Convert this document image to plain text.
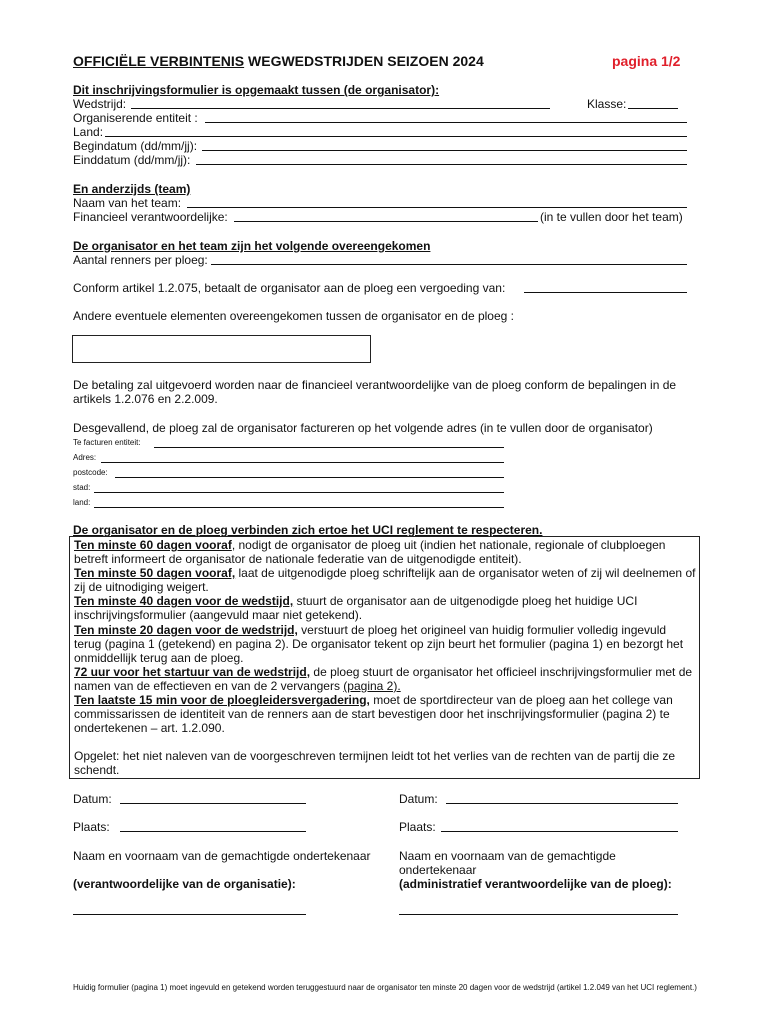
OFFICIËLE VERBINTENIS WEGWEDSTRIJDEN SEIZOEN 2024	pagina 1/2
Dit inschrijvingsformulier is opgemaakt tussen (de organisator):
Wedstrijd:	Klasse:
Organiserende entiteit :
Land:
Begindatum (dd/mm/jj):
Einddatum (dd/mm/jj):
En anderzijds (team)
Naam van het team:
Financieel verantwoordelijke:	(in te vullen door het team)
De organisator en het team zijn het volgende overeengekomen
Aantal renners per ploeg:
Conform artikel 1.2.075, betaalt de organisator aan de ploeg een vergoeding van:
Andere eventuele elementen overeengekomen tussen de organisator en de ploeg :
De betaling zal uitgevoerd worden naar de financieel verantwoordelijke van de ploeg conform de bepalingen in de artikels 1.2.076 en 2.2.009.
Desgevallend, de ploeg zal de organisator factureren op het volgende adres (in te vullen door de organisator)
Te facturen entiteit:
Adres:
postcode:
stad:
land:
De organisator en de ploeg verbinden zich ertoe het UCI reglement te respecteren.
Ten minste 60 dagen vooraf, nodigt de organisator de ploeg uit (indien het nationale, regionale of clubploegen betreft informeert de organisator de nationale federatie van de uitgenodigde entiteit).
Ten minste 50 dagen vooraf, laat de uitgenodigde ploeg schriftelijk aan de organisator weten of zij wil deelnemen of zij de uitnodiging weigert.
Ten minste 40 dagen voor de wedstijd, stuurt de organisator aan de uitgenodigde ploeg het huidige UCI inschrijvingsformulier (aangevuld maar niet getekend).
Ten minste 20 dagen voor de wedstrijd, verstuurt de ploeg het origineel van huidig formulier volledig ingevuld terug (pagina 1 (getekend) en pagina 2). De organisator tekent op zijn beurt het formulier (pagina 1) en bezorgt het onmiddellijk terug aan de ploeg.
72 uur voor het startuur van de wedstrijd, de ploeg stuurt de organisator het officieel inschrijvingsformulier met de namen van de effectieven en van de 2 vervangers (pagina 2).
Ten laatste 15 min voor de ploegleidersvergadering, moet de sportdirecteur van de ploeg aan het college van commissarissen de identiteit van de renners aan de start bevestigen door het inschrijvingsformulier (pagina 2) te ondertekenen – art. 1.2.090.
Opgelet: het niet naleven van de voorgeschreven termijnen leidt tot het verlies van de rechten van de partij die ze schendt.
Datum:	Datum:
Plaats:	Plaats:
Naam en voornaam van de gemachtigde ondertekenaar Naam en voornaam van de gemachtigde ondertekenaar
(verantwoordelijke van de organisatie):	(administratief verantwoordelijke van de ploeg):
Huidig formulier (pagina 1) moet ingevuld en getekend worden teruggestuurd naar de organisator ten minste 20 dagen voor de wedstrijd (artikel 1.2.049 van het UCI reglement.)
